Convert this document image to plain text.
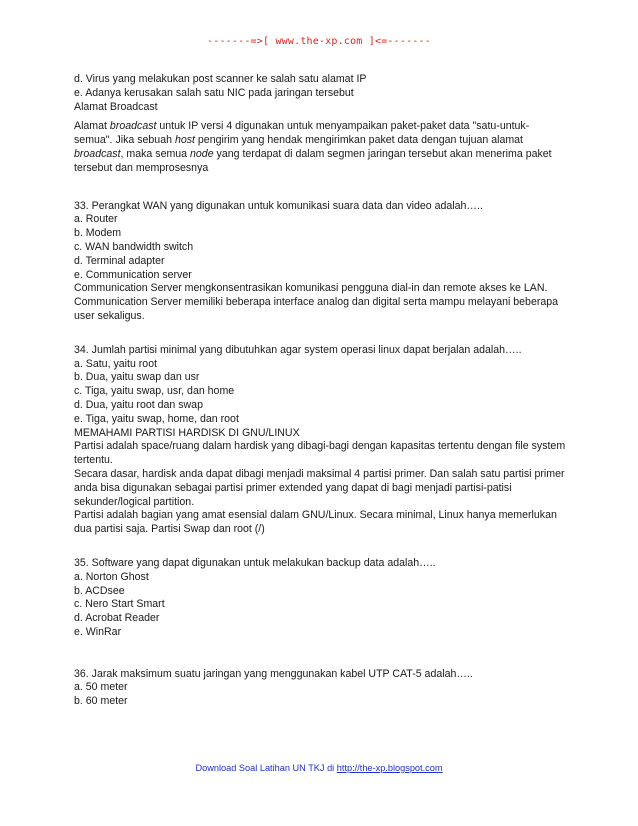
-------=>[ www.the-xp.com ]<=-------
d. Virus yang melakukan post scanner ke salah satu alamat IP
e. Adanya kerusakan salah satu NIC pada jaringan tersebut
Alamat Broadcast
Alamat broadcast untuk IP versi 4 digunakan untuk menyampaikan paket-paket data "satu-untuk-
semua". Jika sebuah host pengirim yang hendak mengirimkan paket data dengan tujuan alamat
broadcast, maka semua node yang terdapat di dalam segmen jaringan tersebut akan menerima paket
tersebut dan memprosesnya
33. Perangkat WAN yang digunakan untuk komunikasi suara data dan video adalah…..
a. Router
b. Modem
c. WAN bandwidth switch
d. Terminal adapter
e. Communication server
Communication Server mengkonsentrasikan komunikasi pengguna dial-in dan remote akses ke LAN.
Communication Server memiliki beberapa interface analog dan digital serta mampu melayani beberapa
user sekaligus.
34. Jumlah partisi minimal yang dibutuhkan agar system operasi linux dapat berjalan adalah…..
a. Satu, yaitu root
b. Dua, yaitu swap dan usr
c. Tiga, yaitu swap, usr, dan home
d. Dua, yaitu root dan swap
e. Tiga, yaitu swap, home, dan root
MEMAHAMI PARTISI HARDISK DI GNU/LINUX
Partisi adalah space/ruang dalam hardisk yang dibagi-bagi dengan kapasitas tertentu dengan file system
tertentu.
Secara dasar, hardisk anda dapat dibagi menjadi maksimal 4 partisi primer. Dan salah satu partisi primer
anda bisa digunakan sebagai partisi primer extended yang dapat di bagi menjadi partisi-patisi
sekunder/logical partition.
Partisi adalah bagian yang amat esensial dalam GNU/Linux. Secara minimal, Linux hanya memerlukan
dua partisi saja. Partisi Swap dan root (/)
35. Software yang dapat digunakan untuk melakukan backup data adalah…..
a. Norton Ghost
b. ACDsee
c. Nero Start Smart
d. Acrobat Reader
e. WinRar
36. Jarak maksimum suatu jaringan yang menggunakan kabel UTP CAT-5 adalah…..
a. 50 meter
b. 60 meter
Download Soal Latihan UN TKJ di http://the-xp.blogspot.com
